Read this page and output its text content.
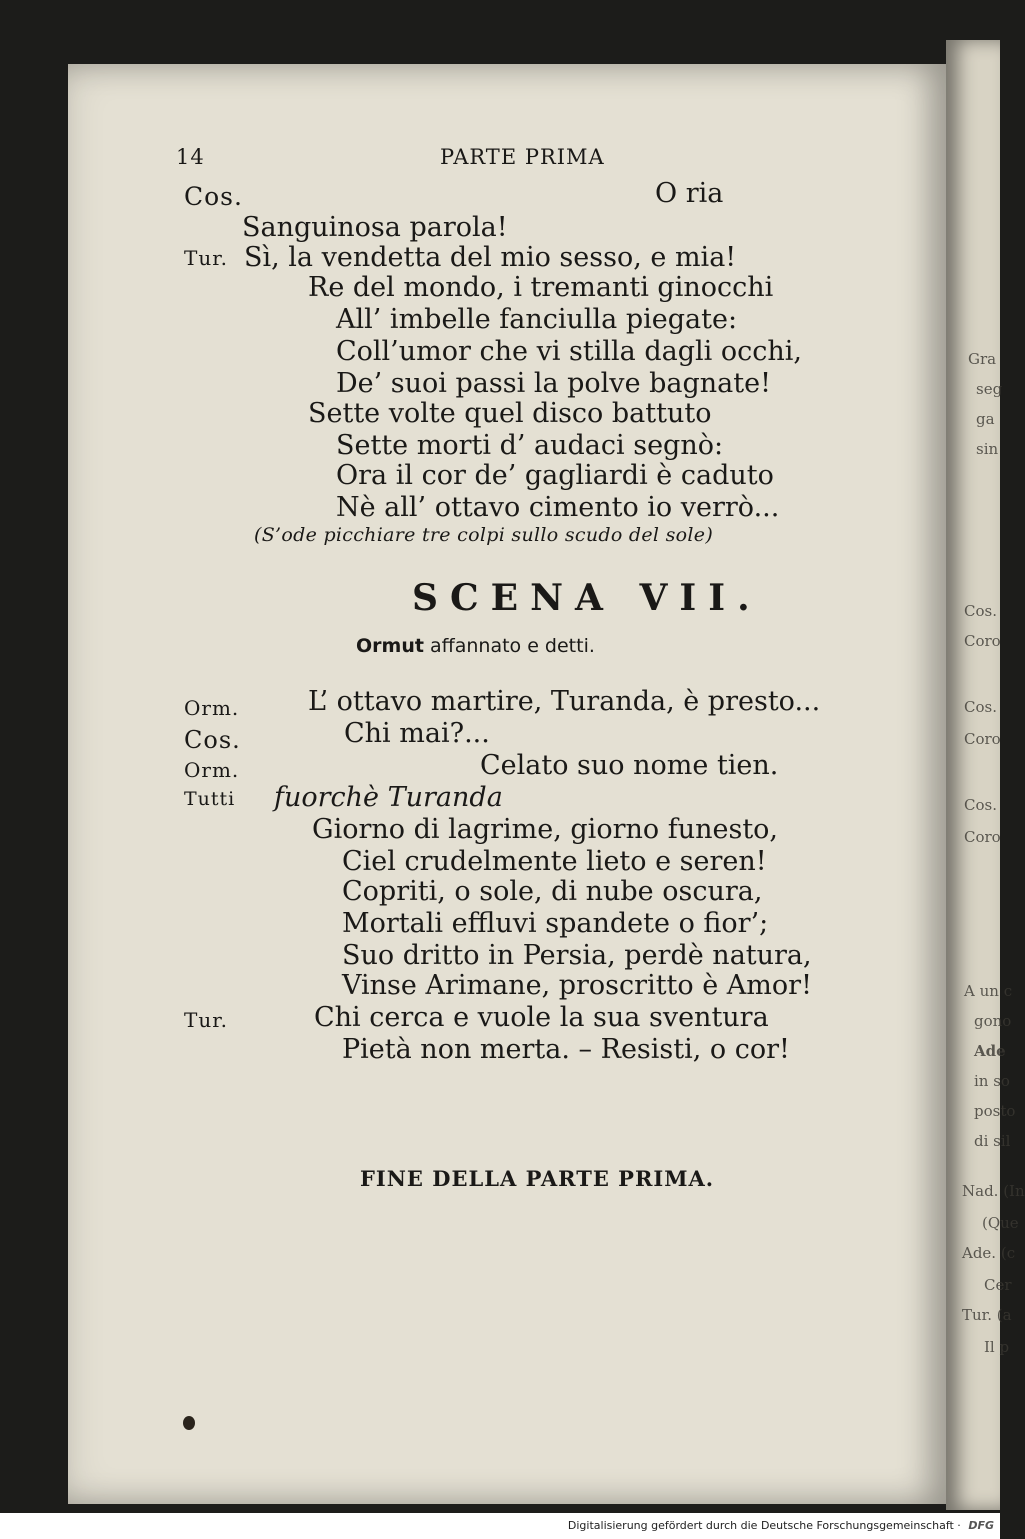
14	PARTE PRIMA
Cos.	O ria
Sanguinosa parola!
Tur. Sì, la vendetta del mio sesso, e mia!
Re del mondo, i tremanti ginocchi
All’ imbelle fanciulla piegate:
Coll’umor che vi stilla dagli occhi,
De’ suoi passi la polve bagnate!
Sette volte quel disco battuto
Sette morti d’ audaci segnò:
Ora il cor de’ gagliardi è caduto
Nè all’ ottavo cimento io verrò...
(S’ode picchiare tre colpi sullo scudo del sole)
SCENA VII.
Ormut affannato e detti.
Orm.	L’ ottavo martire, Turanda, è presto...
Cos.	Chi mai?...
Orm.	Celato suo nome tien.
Tutti fuorchè Turanda
Giorno di lagrime, giorno funesto,
Ciel crudelmente lieto e seren!
Copriti, o sole, di nube oscura,
Mortali effluvi spandete o fior’;
Suo dritto in Persia, perdè natura,
Vinse Arimane, proscritto è Amor!
Tur.	Chi cerca e vuole la sua sventura
Pietà non merta. – Resisti, o cor!
FINE DELLA PARTE PRIMA.
Gra
seg
ga
sin
Cos.
Coro
Cos.
Coro
Cos.
Coro
A un c
gono
Ade
in so
posto
di sil
Nad. (In
(Que
Ade. (c
Cer
Tur. (a
Il p
Digitalisierung gefördert durch die Deutsche Forschungsgemeinschaft · DFG
